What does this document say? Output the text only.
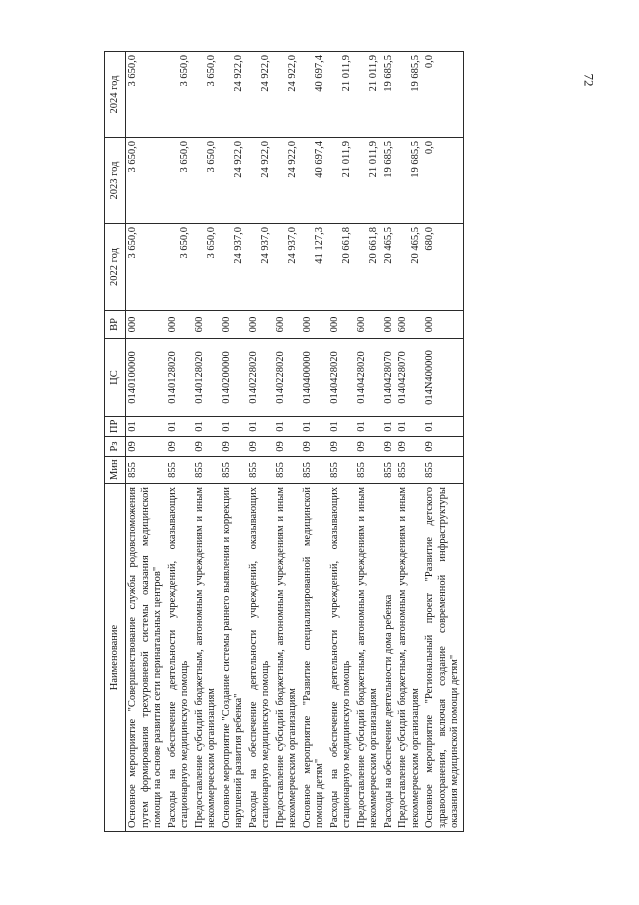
72
Наименование	Мин	Рз	ПР	ЦС	ВР	2022 год	2023 год	2024 год
Основное мероприятие "Совершенствование службы родовспоможения путем формирования трехуровневой системы оказания медицинской помощи на основе развития сети перинатальных центров"	855	09	01	0140100000	000	3 650,0	3 650,0	3 650,0
Расходы на обеспечение деятельности учреждений, оказывающих стационарную медицинскую помощь	855	09	01	0140128020	000	3 650,0	3 650,0	3 650,0
Предоставление субсидий бюджетным, автономным учреждениям и иным некоммерческим организациям	855	09	01	0140128020	600	3 650,0	3 650,0	3 650,0
Основное мероприятие "Создание системы раннего выявления и коррекции нарушений развития ребенка"	855	09	01	0140200000	000	24 937,0	24 922,0	24 922,0
Расходы на обеспечение деятельности учреждений, оказывающих стационарную медицинскую помощь	855	09	01	0140228020	000	24 937,0	24 922,0	24 922,0
Предоставление субсидий бюджетным, автономным учреждениям и иным некоммерческим организациям	855	09	01	0140228020	600	24 937,0	24 922,0	24 922,0
Основное мероприятие "Развитие специализированной медицинской помощи детям"	855	09	01	0140400000	000	41 127,3	40 697,4	40 697,4
Расходы на обеспечение деятельности учреждений, оказывающих стационарную медицинскую помощь	855	09	01	0140428020	000	20 661,8	21 011,9	21 011,9
Предоставление субсидий бюджетным, автономным учреждениям и иным некоммерческим организациям	855	09	01	0140428020	600	20 661,8	21 011,9	21 011,9
Расходы на обеспечение деятельности дома ребенка	855	09	01	0140428070	000	20 465,5	19 685,5	19 685,5
Предоставление субсидий бюджетным, автономным учреждениям и иным некоммерческим организациям	855	09	01	0140428070	600	20 465,5	19 685,5	19 685,5
Основное мероприятие "Региональный проект "Развитие детского здравоохранения, включая создание современной инфраструктуры оказания медицинской помощи детям"	855	09	01	014N400000	000	680,0	0,0	0,0
